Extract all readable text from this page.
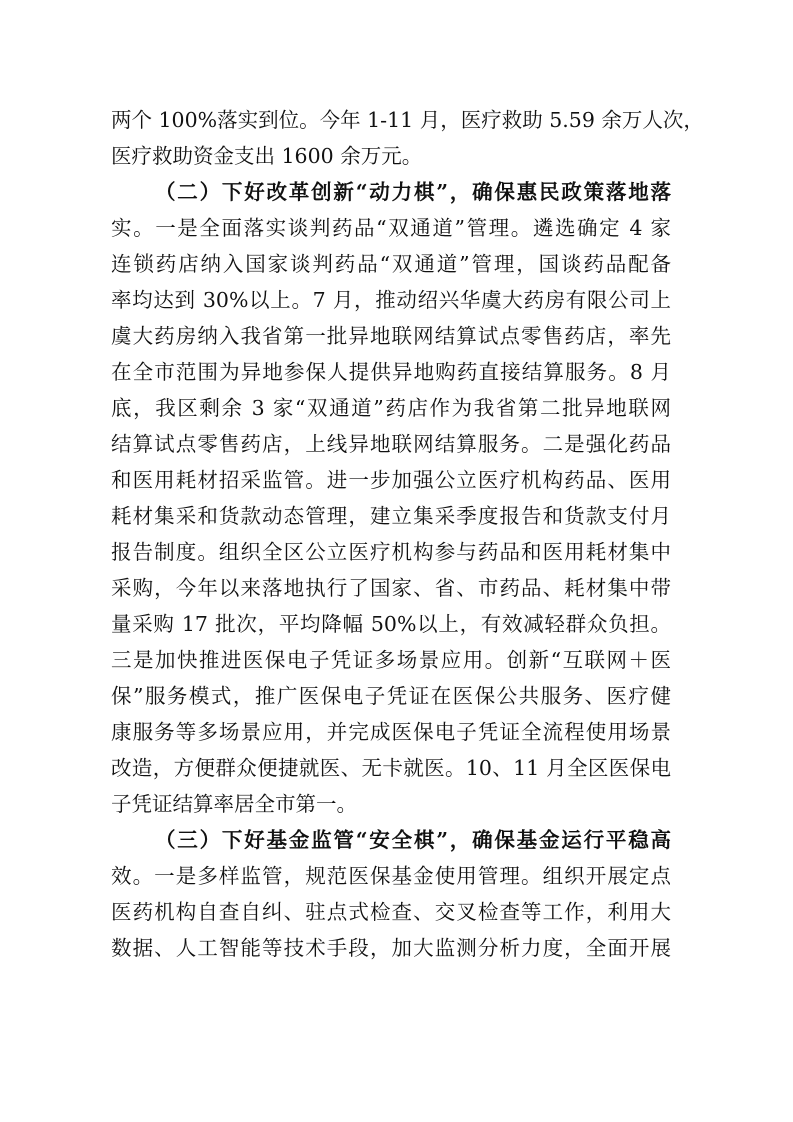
两个 100%落实到位。今年 1-11 月，医疗救助 5.59 余万人次，
医疗救助资金支出 1600 余万元。
（二）下好改革创新“动力棋”，确保惠民政策落地落
实。一是全面落实谈判药品“双通道”管理。遴选确定 4 家
连锁药店纳入国家谈判药品“双通道”管理，国谈药品配备
率均达到 30%以上。7 月，推动绍兴华虞大药房有限公司上
虞大药房纳入我省第一批异地联网结算试点零售药店，率先
在全市范围为异地参保人提供异地购药直接结算服务。8 月
底，我区剩余 3 家“双通道”药店作为我省第二批异地联网
结算试点零售药店，上线异地联网结算服务。二是强化药品
和医用耗材招采监管。进一步加强公立医疗机构药品、医用
耗材集采和货款动态管理，建立集采季度报告和货款支付月
报告制度。组织全区公立医疗机构参与药品和医用耗材集中
采购，今年以来落地执行了国家、省、市药品、耗材集中带
量采购 17 批次，平均降幅 50%以上，有效减轻群众负担。
三是加快推进医保电子凭证多场景应用。创新“互联网＋医
保”服务模式，推广医保电子凭证在医保公共服务、医疗健
康服务等多场景应用，并完成医保电子凭证全流程使用场景
改造，方便群众便捷就医、无卡就医。10、11 月全区医保电
子凭证结算率居全市第一。
（三）下好基金监管“安全棋”，确保基金运行平稳高
效。一是多样监管，规范医保基金使用管理。组织开展定点
医药机构自查自纠、驻点式检查、交叉检查等工作，利用大
数据、人工智能等技术手段，加大监测分析力度，全面开展
